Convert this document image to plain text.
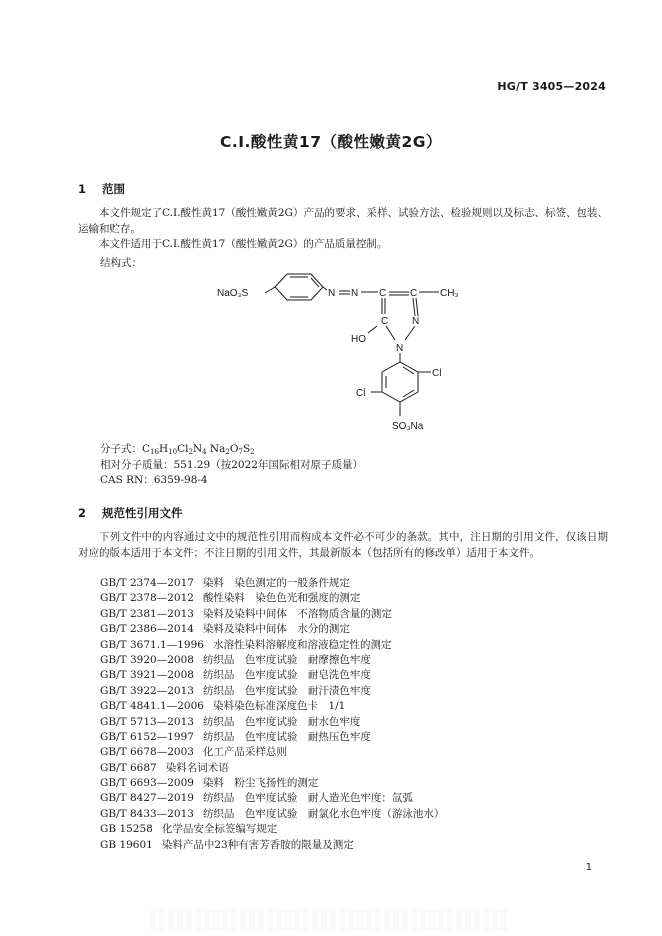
HG/T 3405—2024
C.I.酸性黄17（酸性嫩黄2G）
1 范围

本文件规定了C.I.酸性黄17（酸性嫩黄2G）产品的要求、采样、试验方法、检验规则以及标志、标签、包装、运输和贮存。

本文件适用于C.I.酸性黄17（酸性嫩黄2G）的产品质量控制。

结构式：
NaO₃S	N N C C CH₃
C N
HO
N
Cl
Cl
SO₃Na
分子式：$C_{16}H_{10}Cl_2N_4$ $Na_2O_7S_2$
相对分子质量：551.29（按2022年国际相对原子质量）
CAS RN：6359-98-4
2 规范性引用文件

下列文件中的内容通过文中的规范性引用而构成本文件必不可少的条款。其中，注日期的引用文件，仅该日期对应的版本适用于本文件；不注日期的引用文件，其最新版本（包括所有的修改单）适用于本文件。

GB/T 2374—2017 染料　染色测定的一般条件规定
GB/T 2378—2012 酸性染料　染色色光和强度的测定
GB/T 2381—2013 染料及染料中间体　不溶物质含量的测定
GB/T 2386—2014 染料及染料中间体　水分的测定
GB/T 3671.1—1996 水溶性染料溶解度和溶液稳定性的测定
GB/T 3920—2008 纺织品　色牢度试验　耐摩擦色牢度
GB/T 3921—2008 纺织品　色牢度试验　耐皂洗色牢度
GB/T 3922—2013 纺织品　色牢度试验　耐汗渍色牢度
GB/T 4841.1—2006 染料染色标准深度色卡　1/1
GB/T 5713—2013 纺织品　色牢度试验　耐水色牢度
GB/T 6152—1997 纺织品　色牢度试验　耐热压色牢度
GB/T 6678—2003 化工产品采样总则
GB/T 6687 染料名词术语
GB/T 6693—2009 染料　粉尘飞扬性的测定
GB/T 8427—2019 纺织品　色牢度试验　耐人造光色牢度：氙弧
GB/T 8433—2013 纺织品　色牢度试验　耐氯化水色牢度（游泳池水）
GB 15258 化学品安全标签编写规定
GB 19601 染料产品中23种有害芳香胺的限量及测定
1
